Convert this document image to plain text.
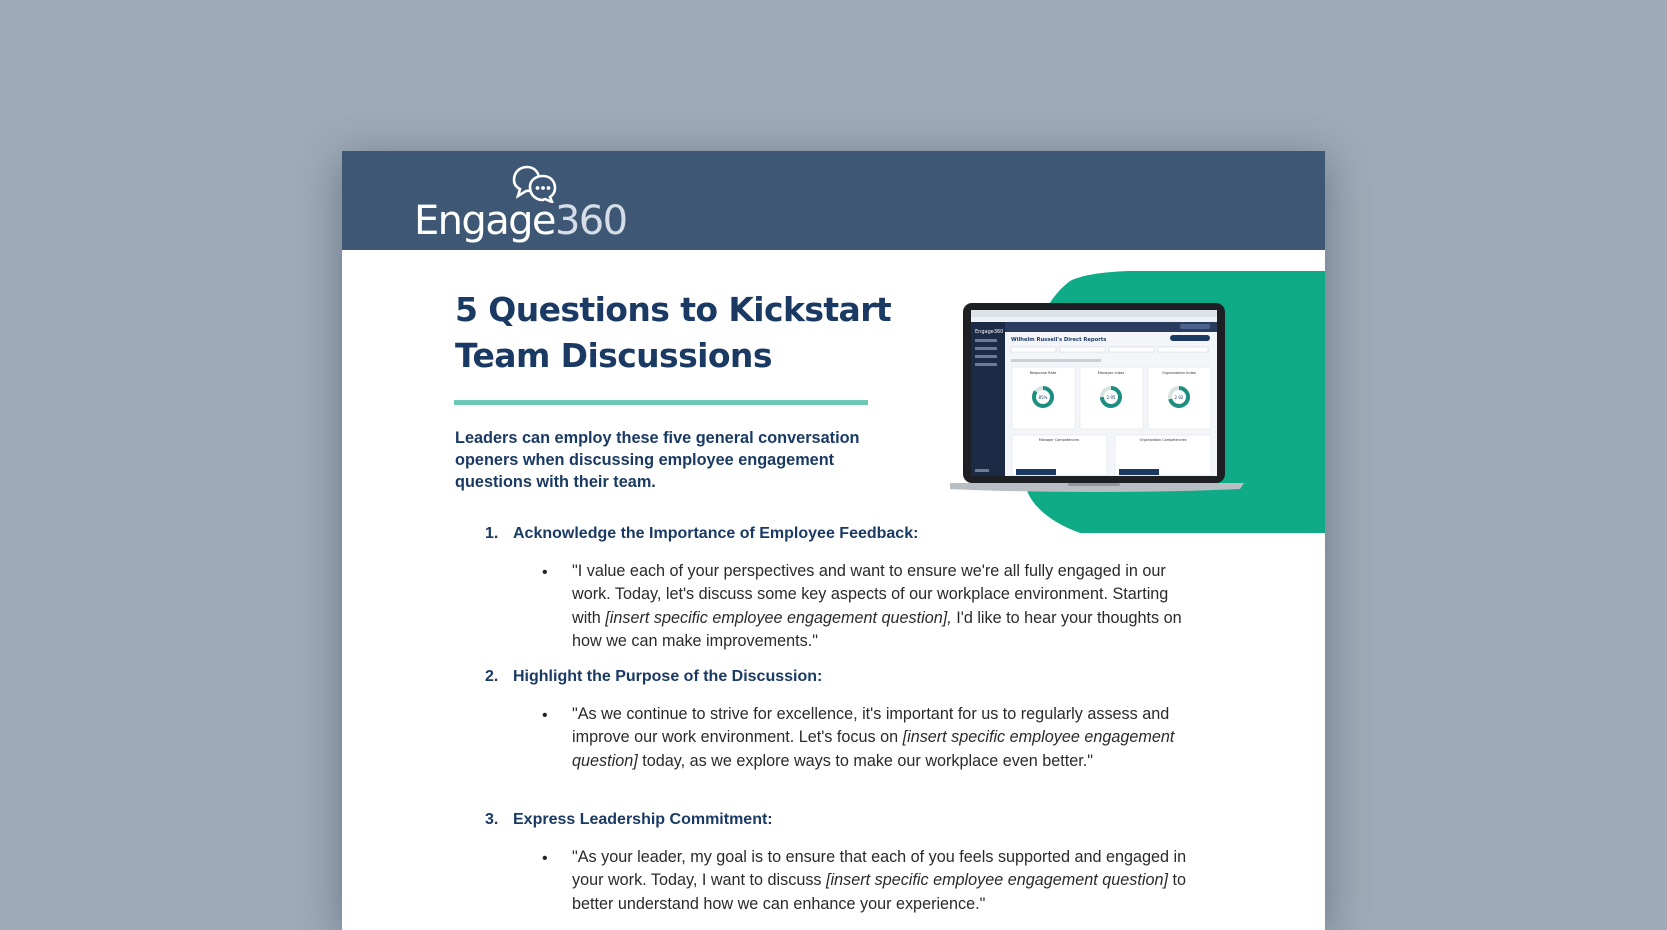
Engage360
5 Questions to Kickstart
Team Discussions
Leaders can employ these five general conversation openers when discussing employee engagement questions with their team.
Engage360
Wilhelm Russell's Direct Reports
Response Rate
85%
Manager Index
2.95
Organization Index
2.92
Manager Competencies	Organization Competencies
1. Acknowledge the Importance of Employee Feedback:
• "I value each of your perspectives and want to ensure we're all fully engaged in our work. Today, let's discuss some key aspects of our workplace environment. Starting with [insert specific employee engagement question], I'd like to hear your thoughts on how we can make improvements."
2. Highlight the Purpose of the Discussion:
• "As we continue to strive for excellence, it's important for us to regularly assess and improve our work environment. Let's focus on [insert specific employee engagement question] today, as we explore ways to make our workplace even better."
3. Express Leadership Commitment:
• "As your leader, my goal is to ensure that each of you feels supported and engaged in your work. Today, I want to discuss [insert specific employee engagement question] to better understand how we can enhance your experience."
